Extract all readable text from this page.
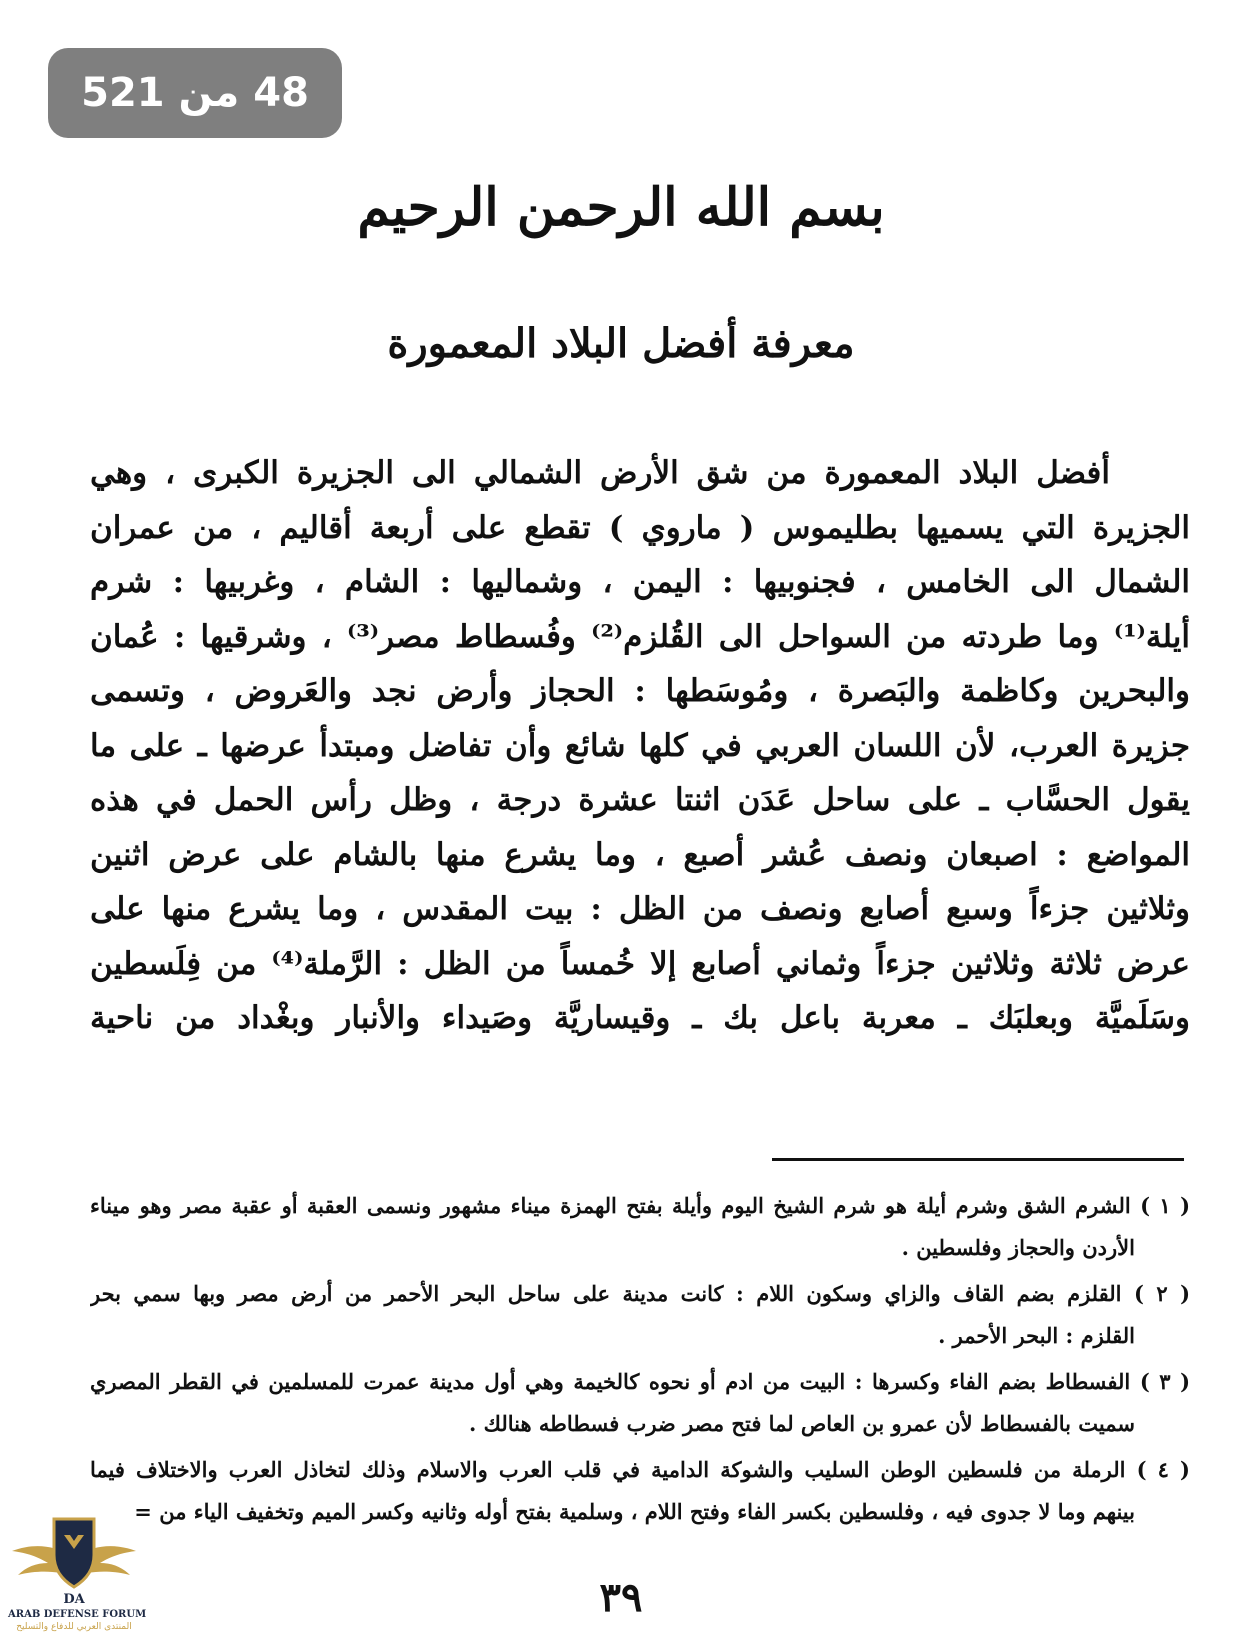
48 من 521
بسم الله الرحمن الرحيم
معرفة أفضل البلاد المعمورة
أفضل البلاد المعمورة من شق الأرض الشمالي الى الجزيرة الكبرى ، وهي
الجزيرة التي يسميها بطليموس ( ماروي ) تقطع على أربعة أقاليم ، من عمران
الشمال الى الخامس ، فجنوبيها : اليمن ، وشماليها : الشام ، وغربيها : شرم
أيلة⁽¹⁾ وما طردته من السواحل الى القُلزم⁽²⁾ وفُسطاط مصر⁽³⁾ ، وشرقيها : عُمان
والبحرين وكاظمة والبَصرة ، ومُوسَطها : الحجاز وأرض نجد والعَروض ، وتسمى
جزيرة العرب، لأن اللسان العربي في كلها شائع وأن تفاضل ومبتدأ عرضها ـ على ما
يقول الحسَّاب ـ على ساحل عَدَن اثنتا عشرة درجة ، وظل رأس الحمل في هذه
المواضع : اصبعان ونصف عُشر أصبع ، وما يشرع منها بالشام على عرض اثنين
وثلاثين جزءاً وسبع أصابع ونصف من الظل : بيت المقدس ، وما يشرع منها على
عرض ثلاثة وثلاثين جزءاً وثماني أصابع إلا خُمساً من الظل : الرَّملة⁽⁴⁾ من فِلَسطين
وسَلَميَّة وبعلبَك ـ معربة باعل بك ـ وقيساريَّة وصَيداء والأنبار وبغْداد من ناحية
( ١ ) الشرم الشق وشرم أيلة هو شرم الشيخ اليوم وأيلة بفتح الهمزة ميناء مشهور ونسمى العقبة أو عقبة مصر وهو ميناء
الأردن والحجاز وفلسطين .
( ٢ ) القلزم بضم القاف والزاي وسكون اللام : كانت مدينة على ساحل البحر الأحمر من أرض مصر وبها سمي بحر
القلزم : البحر الأحمر .
( ٣ ) الفسطاط بضم الفاء وكسرها : البيت من ادم أو نحوه كالخيمة وهي أول مدينة عمرت للمسلمين في القطر المصري
سميت بالفسطاط لأن عمرو بن العاص لما فتح مصر ضرب فسطاطه هنالك .
( ٤ ) الرملة من فلسطين الوطن السليب والشوكة الدامية في قلب العرب والاسلام وذلك لتخاذل العرب والاختلاف فيما
بينهم وما لا جدوى فيه ، وفلسطين بكسر الفاء وفتح اللام ، وسلمية بفتح أوله وثانيه وكسر الميم وتخفيف الياء من =
٣٩
DA
ARAB DEFENSE FORUM
المنتدى العربي للدفاع والتسليح
